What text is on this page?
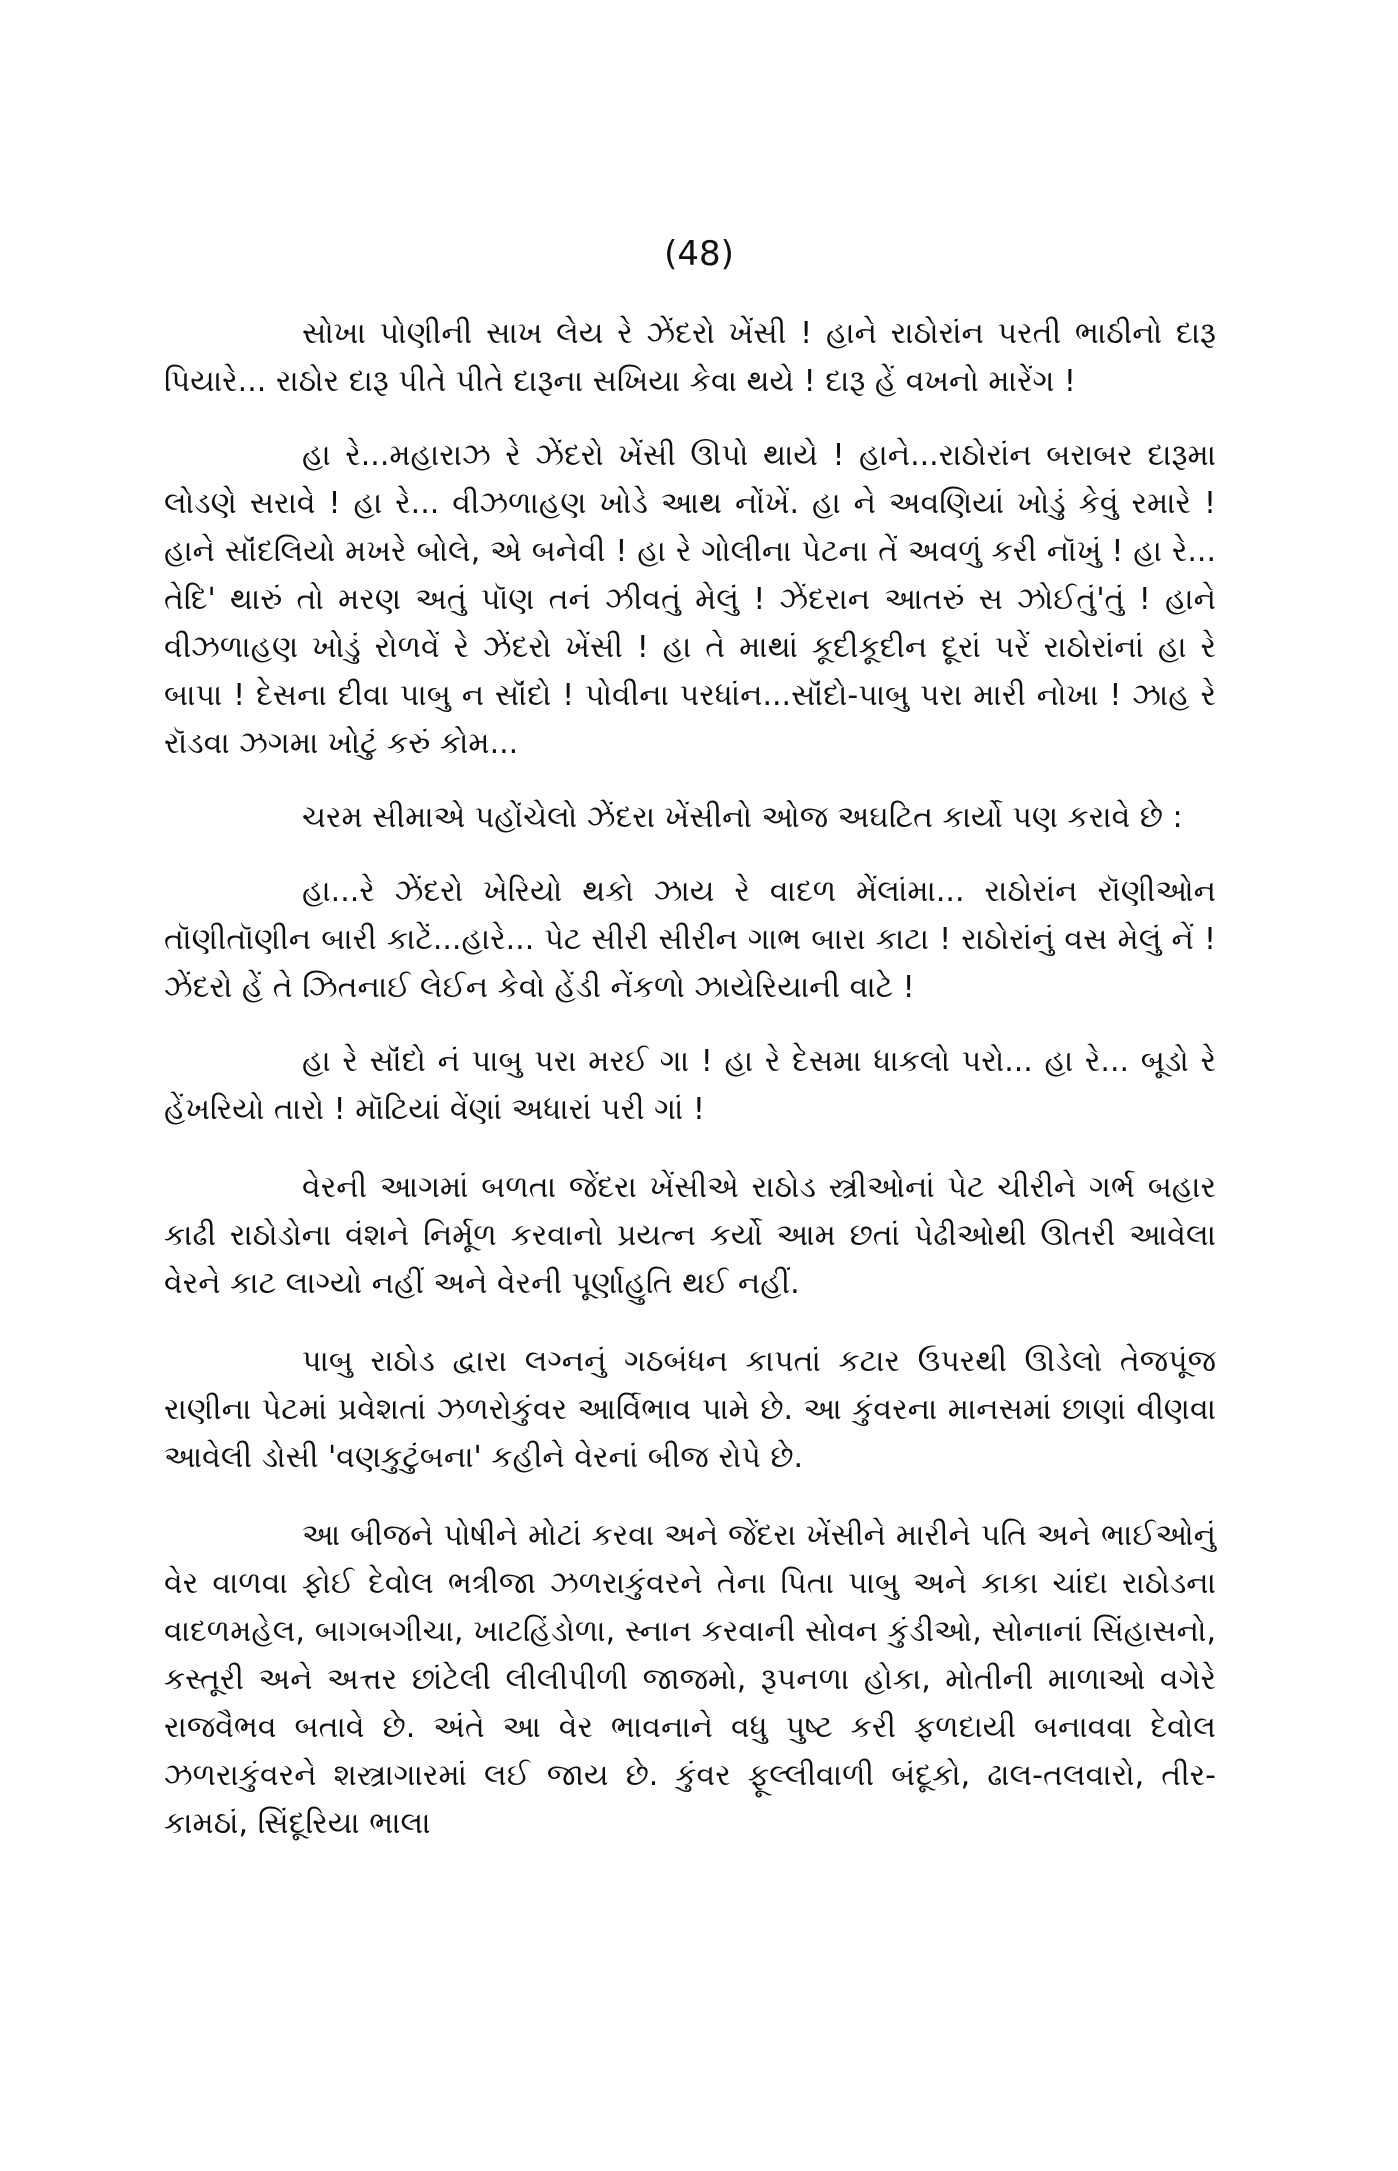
(48)

સોખા પોણીની સાખ લેય રે ઝેંદરો ખેંસી ! હાને રાઠોરાંન પરતી ભાઠીનો દારૂ પિયારે... રાઠોર દારૂ પીતે પીતે દારૂના સખિયા કેવા થયે ! દારૂ હેં વખનો મારેંગ !

હા રે...મહારાઝ રે ઝેંદરો ખેંસી ઊપો થાયે ! હાને...રાઠોરાંન બરાબર દારૂમા લોડણે સરાવે ! હા રે... વીઝળાહણ ખોડે આથ નોંખેં. હા ને અવણિયાં ખોડું કેવું રમારે ! હાને સૉંદલિયો મખરે બોલે, એ બનેવી ! હા રે ગોલીના પેટના તેં અવળું કરી નૉખું ! હા રે... તેદિ' થારું તો મરણ અતું પૉણ તનં ઝીવતું મેલું ! ઝેંદરાન આતરું સ ઝોઈતું'તું ! હાને વીઝળાહણ ખોડું રોળવેં રે ઝેંદરો ખેંસી ! હા તે માથાં કૂદીકૂદીન દૂરાં પરેં રાઠોરાંનાં હા રે બાપા ! દેસના દીવા પાબુ ન સૉંદો ! પોવીના પરધાંન...સૉંદો-પાબુ પરા મારી નોખા ! ઝાહ રે રૉડવા ઝગમા ખોટું કરું કોમ...

ચરમ સીમાએ પહોંચેલો ઝેંદરા ખેંસીનો ઓજ અઘટિત કાર્યો પણ કરાવે છે :

હા...રે ઝેંદરો ખેરિયો થકો ઝાય રે વાદળ મેંલાંમા... રાઠોરાંન રૉણીઓન તૉણીતૉણીન બારી કાટેં...હારે... પેટ સીરી સીરીન ગાભ બારા કાટા ! રાઠોરાંનું વસ મેલું નેં ! ઝેંદરો હેં તે ઝિતનાઈ લેઈન કેવો હેંડી નેંકળો ઝાયેરિયાની વાટે !

હા રે સૉંદો નં પાબુ પરા મરઈ ગા ! હા રે દેસમા ધાકલો પરો... હા રે... બૂડો રે હેંખરિયો તારો ! મૉટિયાં વેંણાં અધારાં પરી ગાં !

વેરની આગમાં બળતા જેંદરા ખેંસીએ રાઠોડ સ્ત્રીઓનાં પેટ ચીરીને ગર્ભ બહાર કાઢી રાઠોડોના વંશને નિર્મૂળ કરવાનો પ્રયત્ન કર્યો આમ છતાં પેઢીઓથી ઊતરી આવેલા વેરને કાટ લાગ્યો નહીં અને વેરની પૂર્ણાહુતિ થઈ નહીં.

પાબુ રાઠોડ દ્વારા લગ્નનું ગઠબંધન કાપતાં કટાર ઉપરથી ઊડેલો તેજપૂંજ રાણીના પેટમાં પ્રવેશતાં ઝળરોકુંવર આર્વિભાવ પામે છે. આ કુંવરના માનસમાં છાણાં વીણવા આવેલી ડોસી 'વણકુટુંબના' કહીને વેરનાં બીજ રોપે છે.

આ બીજને પોષીને મોટાં કરવા અને જેંદરા ખેંસીને મારીને પતિ અને ભાઈઓનું વેર વાળવા ફોઈ દેવોલ ભત્રીજા ઝળરાકુંવરને તેના પિતા પાબુ અને કાકા ચાંદા રાઠોડના વાદળમહેલ, બાગબગીચા, ખાટહિંડોળા, સ્નાન કરવાની સોવન કુંડીઓ, સોનાનાં સિંહાસનો, કસ્તૂરી અને અત્તર છાંટેલી લીલીપીળી જાજમો, રૂપનળા હોકા, મોતીની માળાઓ વગેરે રાજવૈભવ બતાવે છે. અંતે આ વેર ભાવનાને વધુ પુષ્ટ કરી ફળદાયી બનાવવા દેવોલ ઝળરાકુંવરને શસ્ત્રાગારમાં લઈ જાય છે. કુંવર ફૂલ્લીવાળી બંદૂકો, ઢાલ-તલવારો, તીર-કામઠાં, સિંદૂરિયા ભાલા
